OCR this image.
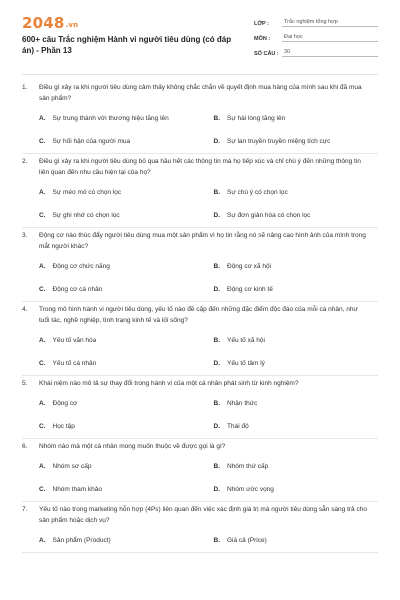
2048.vn
600+ câu Trắc nghiệm Hành vi người tiêu dùng (có đáp án) - Phần 13
LỚP :	Trắc nghiệm tổng hợp
MÔN :	Đại học
SỐ CÂU : 30
1.	Điều gì xảy ra khi người tiêu dùng cảm thấy không chắc chắn về quyết định mua hàng của mình sau khi đã mua sản phẩm?
A. Sự trung thành với thương hiệu tăng lên	B. Sự hài lòng tăng lên
C. Sự hối hận của người mua	D. Sự lan truyền truyền miệng tích cực
2.	Điều gì xảy ra khi người tiêu dùng bỏ qua hầu hết các thông tin mà họ tiếp xúc và chỉ chú ý đến những thông tin liên quan đến nhu cầu hiện tại của họ?
A. Sự méo mó có chọn lọc	B. Sự chú ý có chọn lọc
C. Sự ghi nhớ có chọn lọc	D. Sự đơn giản hóa có chọn lọc
3.	Động cơ nào thúc đẩy người tiêu dùng mua một sản phẩm vì họ tin rằng nó sẽ nâng cao hình ảnh của mình trong mắt người khác?
A. Động cơ chức năng	B. Động cơ xã hội
C. Động cơ cá nhân	D. Động cơ kinh tế
4.	Trong mô hình hành vi người tiêu dùng, yếu tố nào đề cập đến những đặc điểm độc đáo của mỗi cá nhân, như tuổi tác, nghề nghiệp, tình trạng kinh tế và lối sống?
A. Yếu tố văn hóa	B. Yếu tố xã hội
C. Yếu tố cá nhân	D. Yếu tố tâm lý
5.	Khái niệm nào mô tả sự thay đổi trong hành vi của một cá nhân phát sinh từ kinh nghiệm?
A. Động cơ	B. Nhận thức
C. Học tập	D. Thái độ
6.	Nhóm nào mà một cá nhân mong muốn thuộc về được gọi là gì?
A. Nhóm sơ cấp	B. Nhóm thứ cấp
C. Nhóm tham khảo	D. Nhóm ước vọng
7.	Yếu tố nào trong marketing hỗn hợp (4Ps) liên quan đến việc xác định giá trị mà người tiêu dùng sẵn sàng trả cho sản phẩm hoặc dịch vụ?
A. Sản phẩm (Product)	B. Giá cả (Price)
